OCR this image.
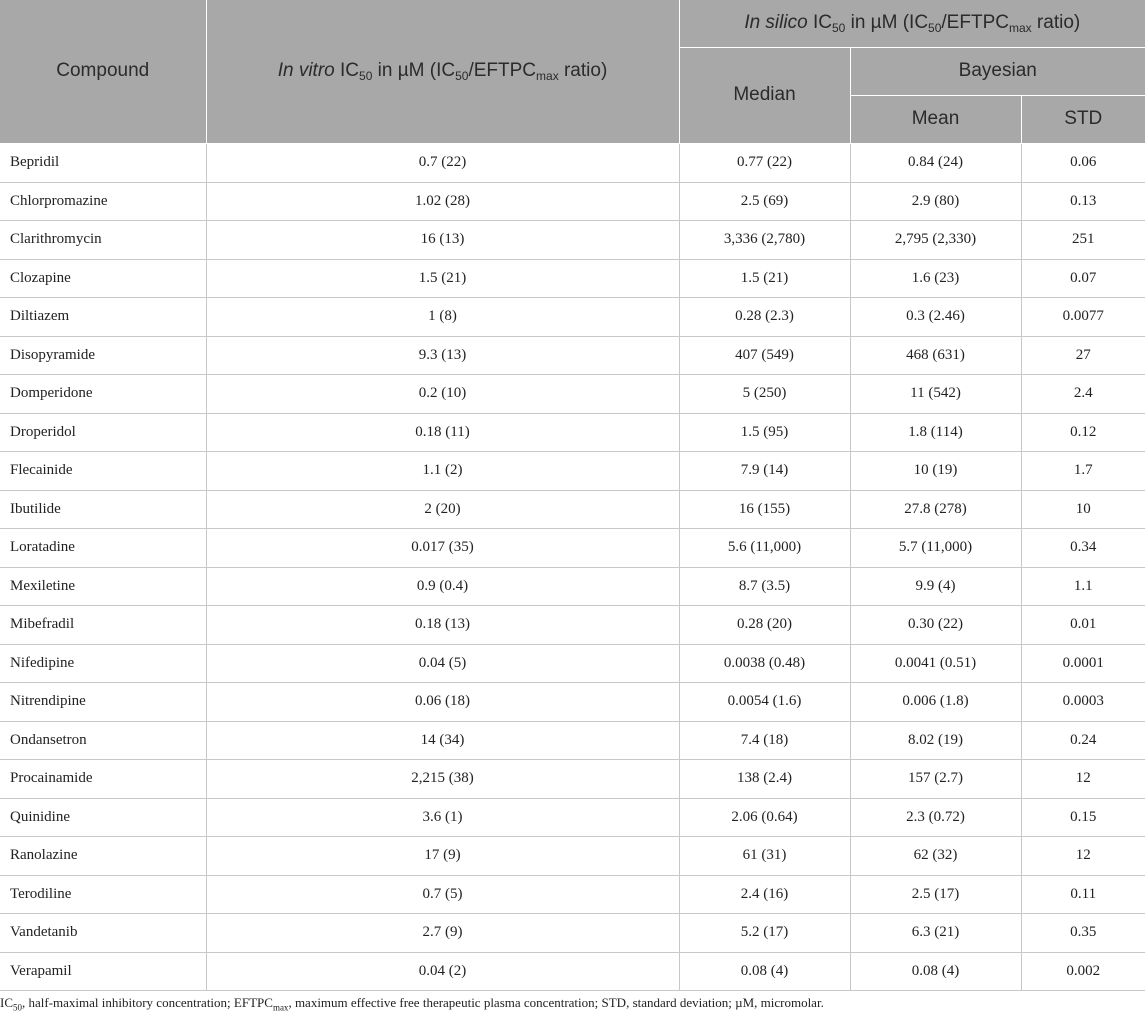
Compound	In vitro $IC_{50}$ in µM ($IC_{50}/EFTPC_{max}$ ratio)	In silico $IC_{50}$ in µM ($IC_{50}/EFTPC_{max}$ ratio)		
		Median	Bayesian	
			Mean	STD
Bepridil	0.7 (22)	0.77 (22)	0.84 (24)	0.06
Chlorpromazine	1.02 (28)	2.5 (69)	2.9 (80)	0.13
Clarithromycin	16 (13)	3,336 (2,780)	2,795 (2,330)	251
Clozapine	1.5 (21)	1.5 (21)	1.6 (23)	0.07
Diltiazem	1 (8)	0.28 (2.3)	0.3 (2.46)	0.0077
Disopyramide	9.3 (13)	407 (549)	468 (631)	27
Domperidone	0.2 (10)	5 (250)	11 (542)	2.4
Droperidol	0.18 (11)	1.5 (95)	1.8 (114)	0.12
Flecainide	1.1 (2)	7.9 (14)	10 (19)	1.7
Ibutilide	2 (20)	16 (155)	27.8 (278)	10
Loratadine	0.017 (35)	5.6 (11,000)	5.7 (11,000)	0.34
Mexiletine	0.9 (0.4)	8.7 (3.5)	9.9 (4)	1.1
Mibefradil	0.18 (13)	0.28 (20)	0.30 (22)	0.01
Nifedipine	0.04 (5)	0.0038 (0.48)	0.0041 (0.51)	0.0001
Nitrendipine	0.06 (18)	0.0054 (1.6)	0.006 (1.8)	0.0003
Ondansetron	14 (34)	7.4 (18)	8.02 (19)	0.24
Procainamide	2,215 (38)	138 (2.4)	157 (2.7)	12
Quinidine	3.6 (1)	2.06 (0.64)	2.3 (0.72)	0.15
Ranolazine	17 (9)	61 (31)	62 (32)	12
Terodiline	0.7 (5)	2.4 (16)	2.5 (17)	0.11
Vandetanib	2.7 (9)	5.2 (17)	6.3 (21)	0.35
Verapamil	0.04 (2)	0.08 (4)	0.08 (4)	0.002
$IC_{50}$, half-maximal inhibitory concentration; $EFTPC_{max}$, maximum effective free therapeutic plasma concentration; STD, standard deviation; µM, micromolar.
